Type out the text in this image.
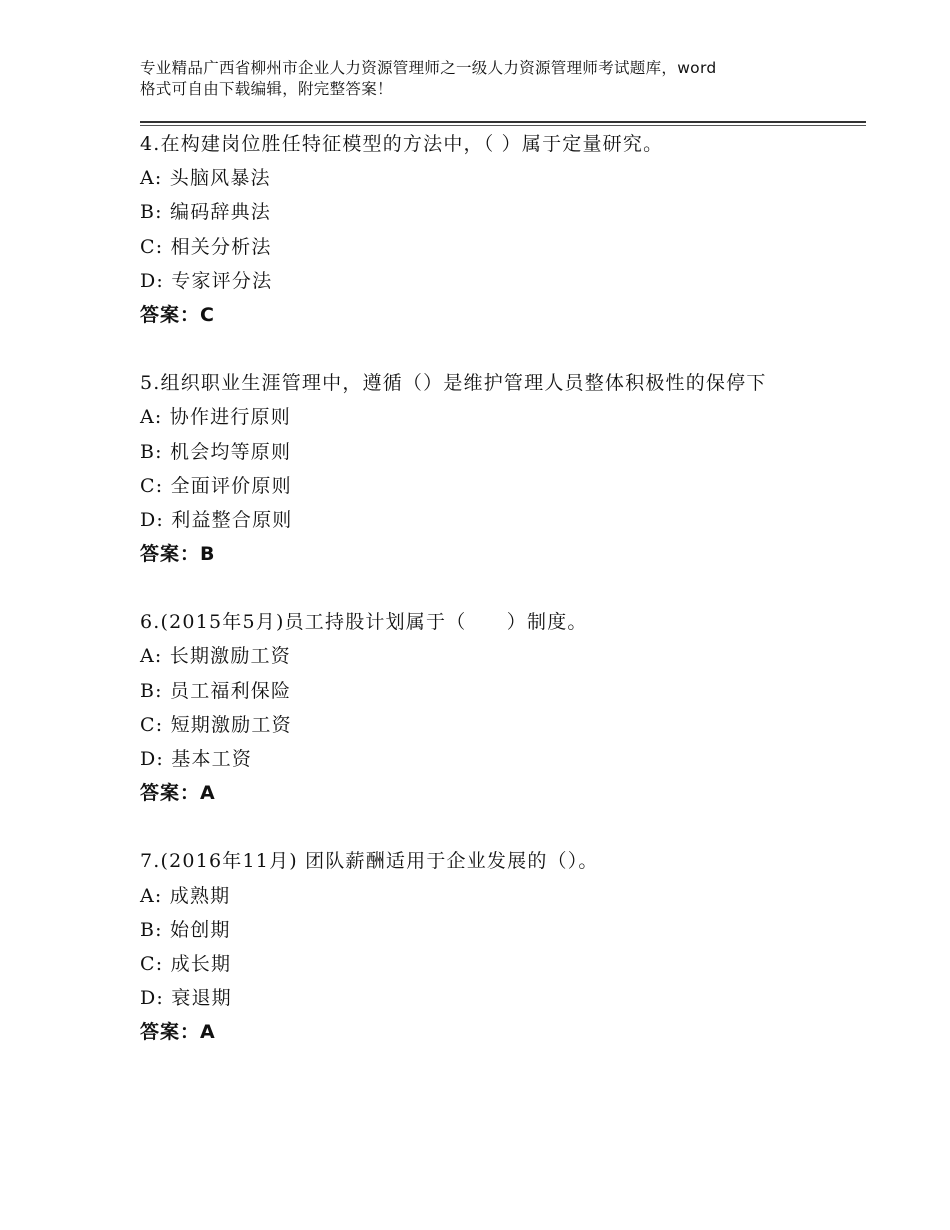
专业精品广西省柳州市企业人力资源管理师之一级人力资源管理师考试题库，word
格式可自由下载编辑，附完整答案！
4.在构建岗位胜任特征模型的方法中，（ ）属于定量研究。
A: 头脑风暴法
B: 编码辞典法
C: 相关分析法
D: 专家评分法
答案：C
5.组织职业生涯管理中，遵循（）是维护管理人员整体积极性的保停下
A: 协作进行原则
B: 机会均等原则
C: 全面评价原则
D: 利益整合原则
答案：B
6.(2015年5月)员工持股计划属于（　　）制度。
A: 长期激励工资
B: 员工福利保险
C: 短期激励工资
D: 基本工资
答案：A
7.(2016年11月) 团队薪酬适用于企业发展的（）。
A: 成熟期
B: 始创期
C: 成长期
D: 衰退期
答案：A
